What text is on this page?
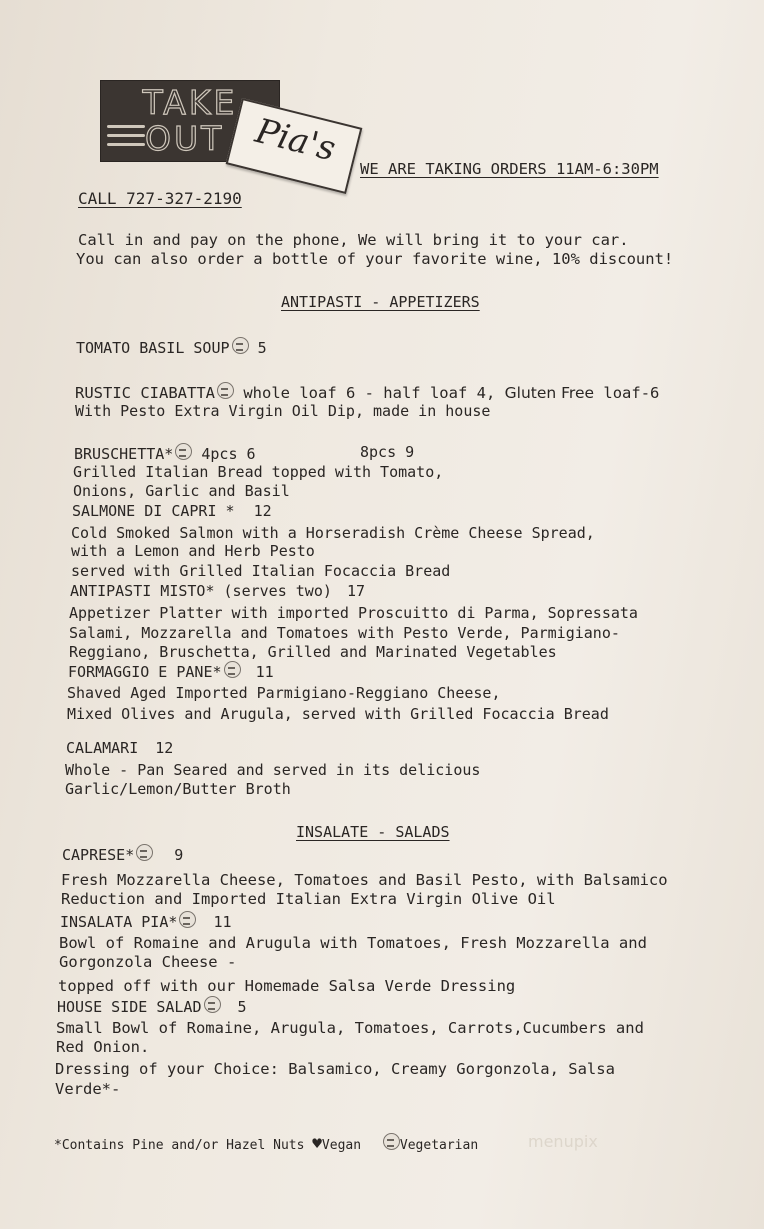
TAKE
OUT Pia's	WE ARE TAKING ORDERS 11AM-6:30PM
CALL 727-327-2190
Call in and pay on the phone, We will bring it to your car.
You can also order a bottle of your favorite wine, 10% discount!
ANTIPASTI - APPETIZERS
TOMATO BASIL SOUP 5
RUSTIC CIABATTA whole loaf 6 - half loaf 4, Gluten Free loaf-6
With Pesto Extra Virgin Oil Dip, made in house
BRUSCHETTA* 4pcs 6	8pcs 9
Grilled Italian Bread topped with Tomato,
Onions, Garlic and Basil
SALMONE DI CAPRI * 12
Cold Smoked Salmon with a Horseradish Crème Cheese Spread,
with a Lemon and Herb Pesto
served with Grilled Italian Focaccia Bread
ANTIPASTI MISTO* (serves two) 17
Appetizer Platter with imported Proscuitto di Parma, Sopressata
Salami, Mozzarella and Tomatoes with Pesto Verde, Parmigiano-
Reggiano, Bruschetta, Grilled and Marinated Vegetables
FORMAGGIO E PANE* 11
Shaved Aged Imported Parmigiano-Reggiano Cheese,
Mixed Olives and Arugula, served with Grilled Focaccia Bread
CALAMARI 12
Whole - Pan Seared and served in its delicious
Garlic/Lemon/Butter Broth
INSALATE - SALADS
CAPRESE*	9
Fresh Mozzarella Cheese, Tomatoes and Basil Pesto, with Balsamico
Reduction and Imported Italian Extra Virgin Olive Oil
INSALATA PIA* 11
Bowl of Romaine and Arugula with Tomatoes, Fresh Mozzarella and
Gorgonzola Cheese -
topped off with our Homemade Salsa Verde Dressing
HOUSE SIDE SALAD 5
Small Bowl of Romaine, Arugula, Tomatoes, Carrots,Cucumbers and
Red Onion.
Dressing of your Choice: Balsamico, Creamy Gorgonzola, Salsa
Verde*-
*Contains Pine and/or Hazel Nuts ♥Vegan	Vegetarian	menupix
